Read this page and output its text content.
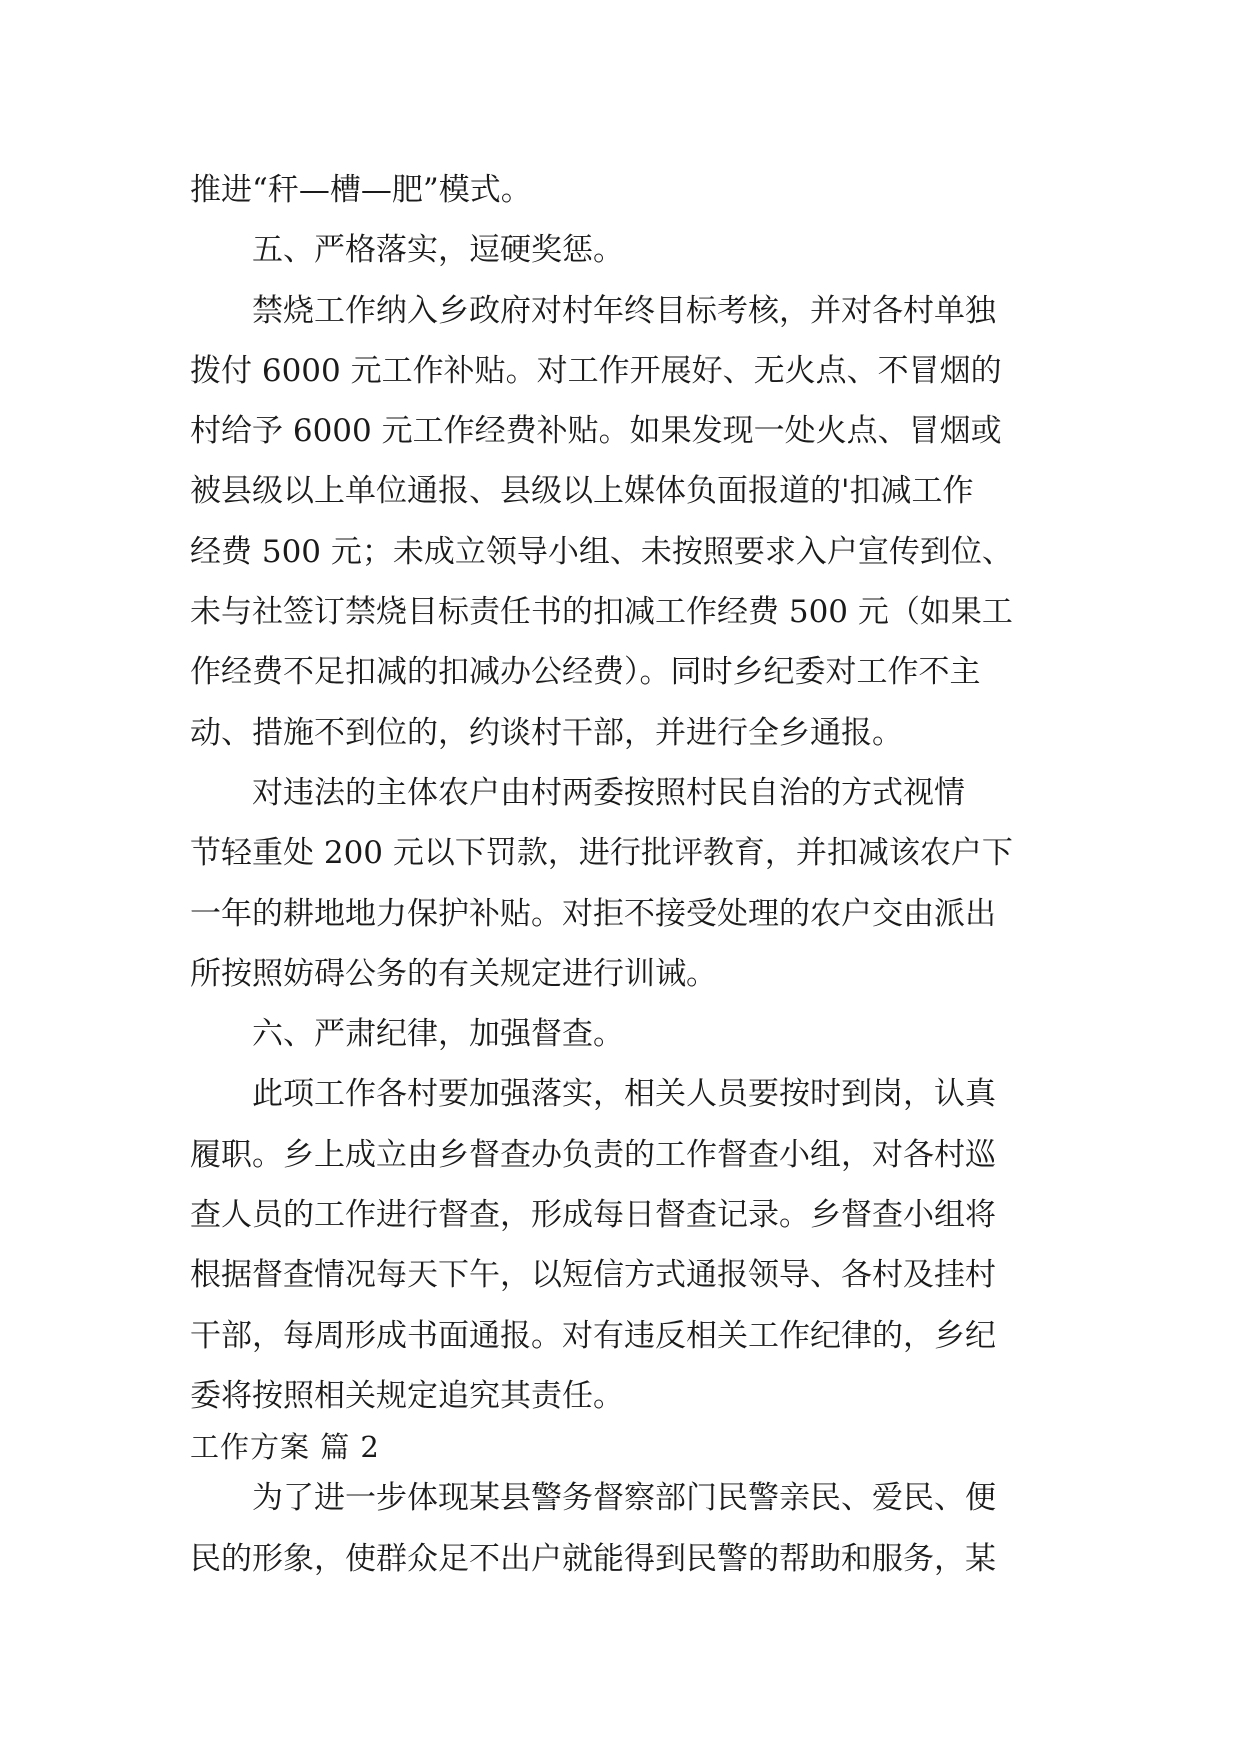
推进“秆—槽—肥”模式。
五、严格落实，逗硬奖惩。
禁烧工作纳入乡政府对村年终目标考核，并对各村单独
拨付 6000 元工作补贴。对工作开展好、无火点、不冒烟的
村给予 6000 元工作经费补贴。如果发现一处火点、冒烟或
被县级以上单位通报、县级以上媒体负面报道的'扣减工作
经费 500 元；未成立领导小组、未按照要求入户宣传到位、
未与社签订禁烧目标责任书的扣减工作经费 500 元（如果工
作经费不足扣减的扣减办公经费）。同时乡纪委对工作不主
动、措施不到位的，约谈村干部，并进行全乡通报。
对违法的主体农户由村两委按照村民自治的方式视情
节轻重处 200 元以下罚款，进行批评教育，并扣减该农户下
一年的耕地地力保护补贴。对拒不接受处理的农户交由派出
所按照妨碍公务的有关规定进行训诫。
六、严肃纪律，加强督查。
此项工作各村要加强落实，相关人员要按时到岗，认真
履职。乡上成立由乡督查办负责的工作督查小组，对各村巡
查人员的工作进行督查，形成每日督查记录。乡督查小组将
根据督查情况每天下午，以短信方式通报领导、各村及挂村
干部，每周形成书面通报。对有违反相关工作纪律的，乡纪
委将按照相关规定追究其责任。
工作方案 篇 2
为了进一步体现某县警务督察部门民警亲民、爱民、便
民的形象，使群众足不出户就能得到民警的帮助和服务，某
